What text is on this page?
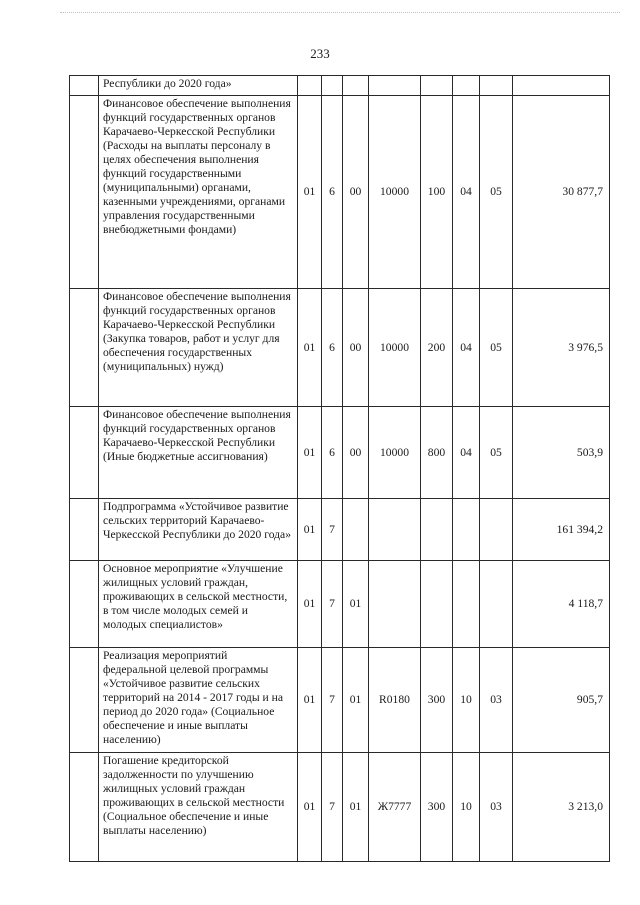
233
	Республики до 2020 года»								
	Финансовое обеспечение выполнения функций государственных органов Карачаево-Черкесской Республики (Расходы на выплаты персоналу в целях обеспечения выполнения функций государственными (муниципальными) органами, казенными учреждениями, органами управления государственными внебюджетными фондами)	01	6	00	10000	100	04	05	30 877,7
	Финансовое обеспечение выполнения функций государственных органов Карачаево-Черкесской Республики (Закупка товаров, работ и услуг для обеспечения государственных (муниципальных) нужд)	01	6	00	10000	200	04	05	3 976,5
	Финансовое обеспечение выполнения функций государственных органов Карачаево-Черкесской Республики (Иные бюджетные ассигнования)	01	6	00	10000	800	04	05	503,9
	Подпрограмма «Устойчивое развитие сельских территорий Карачаево-Черкесской Республики до 2020 года»	01	7						161 394,2
	Основное мероприятие «Улучшение жилищных условий граждан, проживающих в сельской местности, в том числе молодых семей и молодых специалистов»	01	7	01					4 118,7
	Реализация мероприятий федеральной целевой программы «Устойчивое развитие сельских территорий на 2014 - 2017 годы и на период до 2020 года» (Социальное обеспечение и иные выплаты населению)	01	7	01	R0180	300	10	03	905,7
	Погашение кредиторской задолженности по улучшению жилищных условий граждан проживающих в сельской местности (Социальное обеспечение и иные выплаты населению)	01	7	01	Ж7777	300	10	03	3 213,0
